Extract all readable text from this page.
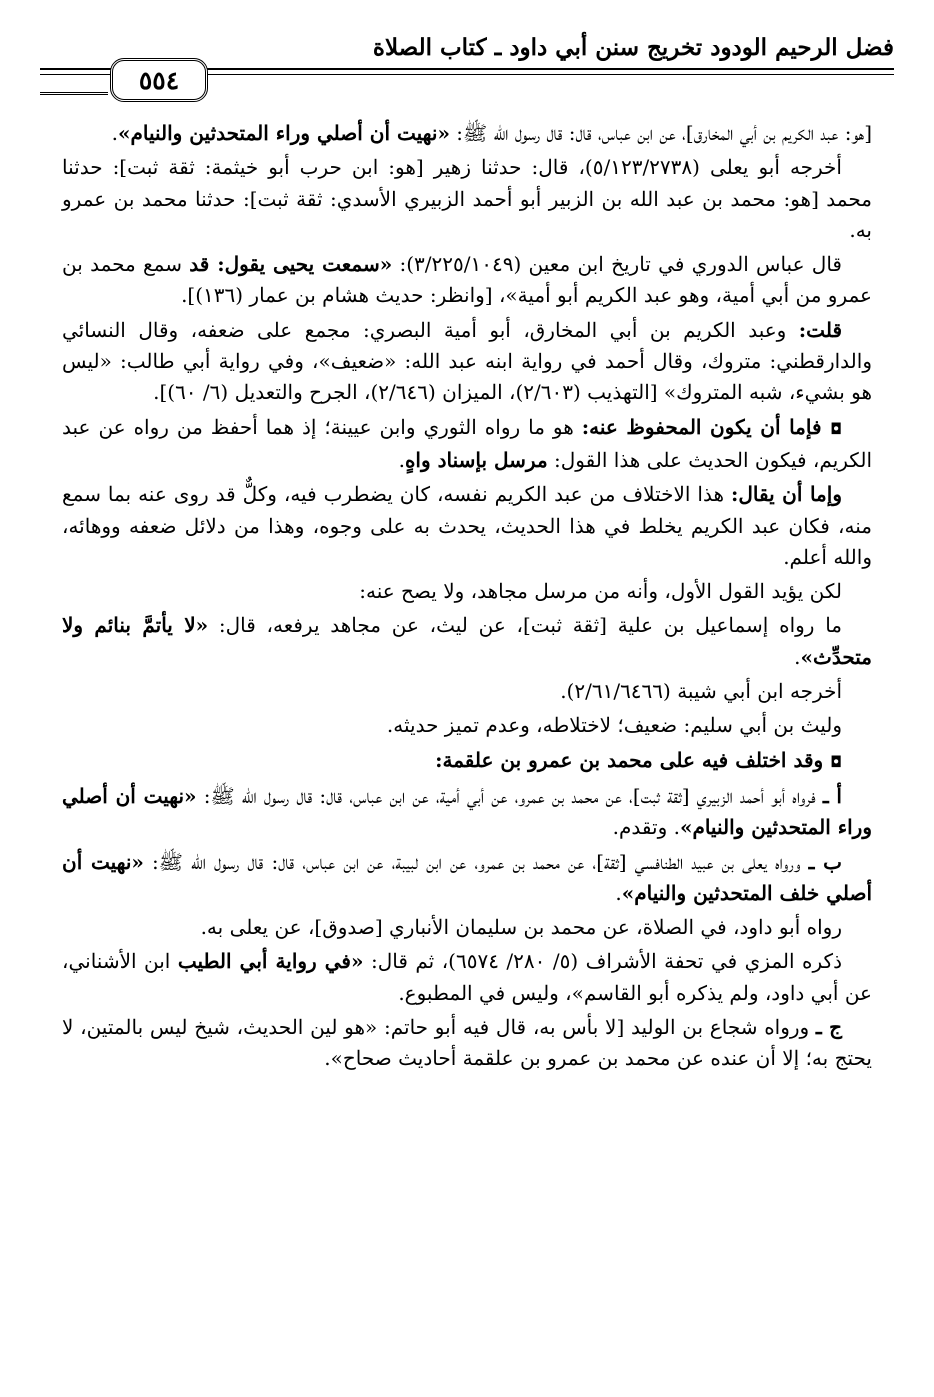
فضل الرحيم الودود تخريج سنن أبي داود ـ كتاب الصلاة
٥٥٤

[هو: عبد الكريم بن أبي المخارق]، عن ابن عباس، قال: قال رسول الله ﷺ: «نهيت أن أصلي وراء المتحدثين والنيام».

أخرجه أبو يعلى (٥/١٢٣/٢٧٣٨)، قال: حدثنا زهير [هو: ابن حرب أبو خيثمة: ثقة ثبت]: حدثنا محمد [هو: محمد بن عبد الله بن الزبير أبو أحمد الزبيري الأسدي: ثقة ثبت]: حدثنا محمد بن عمرو به.

قال عباس الدوري في تاريخ ابن معين (٣/٢٢٥/١٠٤٩): «سمعت يحيى يقول: قد سمع محمد بن عمرو من أبي أمية، وهو عبد الكريم أبو أمية»، [وانظر: حديث هشام بن عمار (١٣٦)].

قلت: وعبد الكريم بن أبي المخارق، أبو أمية البصري: مجمع على ضعفه، وقال النسائي والدارقطني: متروك، وقال أحمد في رواية ابنه عبد الله: «ضعيف»، وفي رواية أبي طالب: «ليس هو بشيء، شبه المتروك» [التهذيب (٢/٦٠٣)، الميزان (٢/٦٤٦)، الجرح والتعديل (٦/ ٦٠)].

◘ فإما أن يكون المحفوظ عنه: هو ما رواه الثوري وابن عيينة؛ إذ هما أحفظ من رواه عن عبد الكريم، فيكون الحديث على هذا القول: مرسل بإسناد واهٍ.

وإما أن يقال: هذا الاختلاف من عبد الكريم نفسه، كان يضطرب فيه، وكلٌّ قد روى عنه بما سمع منه، فكان عبد الكريم يخلط في هذا الحديث، يحدث به على وجوه، وهذا من دلائل ضعفه ووهائه، والله أعلم.

لكن يؤيد القول الأول، وأنه من مرسل مجاهد، ولا يصح عنه:

ما رواه إسماعيل بن علية [ثقة ثبت]، عن ليث، عن مجاهد يرفعه، قال: «لا يأتمَّ بنائم ولا متحدِّث».

أخرجه ابن أبي شيبة (٢/٦١/٦٤٦٦).

وليث بن أبي سليم: ضعيف؛ لاختلاطه، وعدم تميز حديثه.

◘ وقد اختلف فيه على محمد بن عمرو بن علقمة:

أ ـ فرواه أبو أحمد الزبيري [ثقة ثبت]، عن محمد بن عمرو، عن أبي أمية، عن ابن عباس، قال: قال رسول الله ﷺ: «نهيت أن أصلي وراء المتحدثين والنيام». وتقدم.

ب ـ ورواه يعلى بن عبيد الطنافسي [ثقة]، عن محمد بن عمرو، عن ابن لبيبة، عن ابن عباس، قال: قال رسول الله ﷺ: «نهيت أن أصلي خلف المتحدثين والنيام».

رواه أبو داود، في الصلاة، عن محمد بن سليمان الأنباري [صدوق]، عن يعلى به.

ذكره المزي في تحفة الأشراف (٥/ ٢٨٠/ ٦٥٧٤)، ثم قال: «في رواية أبي الطيب ابن الأشناني، عن أبي داود، ولم يذكره أبو القاسم»، وليس في المطبوع.

ج ـ ورواه شجاع بن الوليد [لا بأس به، قال فيه أبو حاتم: «هو لين الحديث، شيخ ليس بالمتين، لا يحتج به؛ إلا أن عنده عن محمد بن عمرو بن علقمة أحاديث صحاح».
